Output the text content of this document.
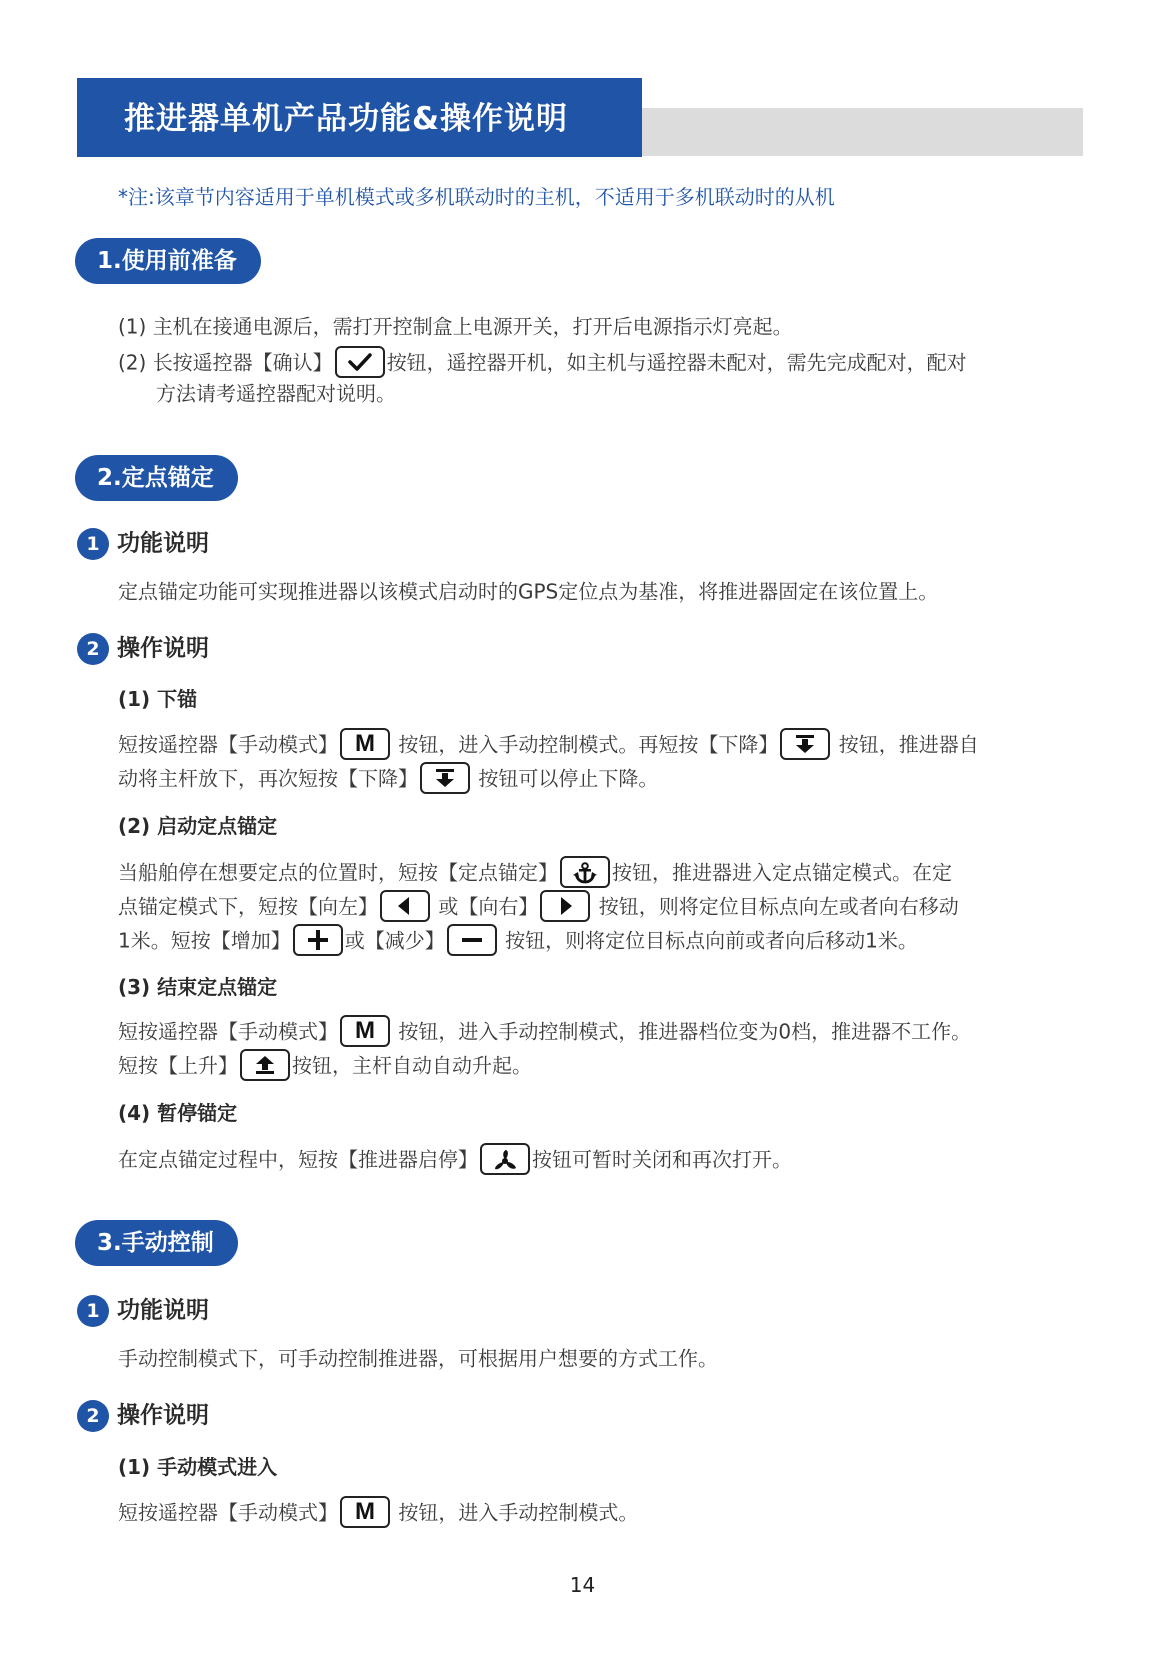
推进器单机产品功能&操作说明
*注:该章节内容适用于单机模式或多机联动时的主机，不适用于多机联动时的从机
1.使用前准备
(1) 主机在接通电源后，需打开控制盒上电源开关，打开后电源指示灯亮起。
(2) 长按遥控器【确认】	按钮，遥控器开机，如主机与遥控器未配对，需先完成配对，配对
方法请考遥控器配对说明。
2.定点锚定
1 功能说明
定点锚定功能可实现推进器以该模式启动时的GPS定位点为基准，将推进器固定在该位置上。
2 操作说明
(1) 下锚
短按遥控器【手动模式】 M 按钮，进入手动控制模式。再短按【下降】	按钮，推进器自
动将主杆放下，再次短按【下降】	按钮可以停止下降。
(2) 启动定点锚定
当船舶停在想要定点的位置时，短按【定点锚定】	按钮，推进器进入定点锚定模式。在定
点锚定模式下，短按【向左】	或【向右】	按钮，则将定位目标点向左或者向右移动
1米。短按【增加】	或【减少】	按钮，则将定位目标点向前或者向后移动1米。
(3) 结束定点锚定
短按遥控器【手动模式】 M 按钮，进入手动控制模式，推进器档位变为0档，推进器不工作。
短按【上升】	按钮，主杆自动自动升起。
(4) 暂停锚定
在定点锚定过程中，短按【推进器启停】	按钮可暂时关闭和再次打开。
3.手动控制
1 功能说明
手动控制模式下，可手动控制推进器，可根据用户想要的方式工作。
2 操作说明
(1) 手动模式进入
短按遥控器【手动模式】 M 按钮，进入手动控制模式。
14
